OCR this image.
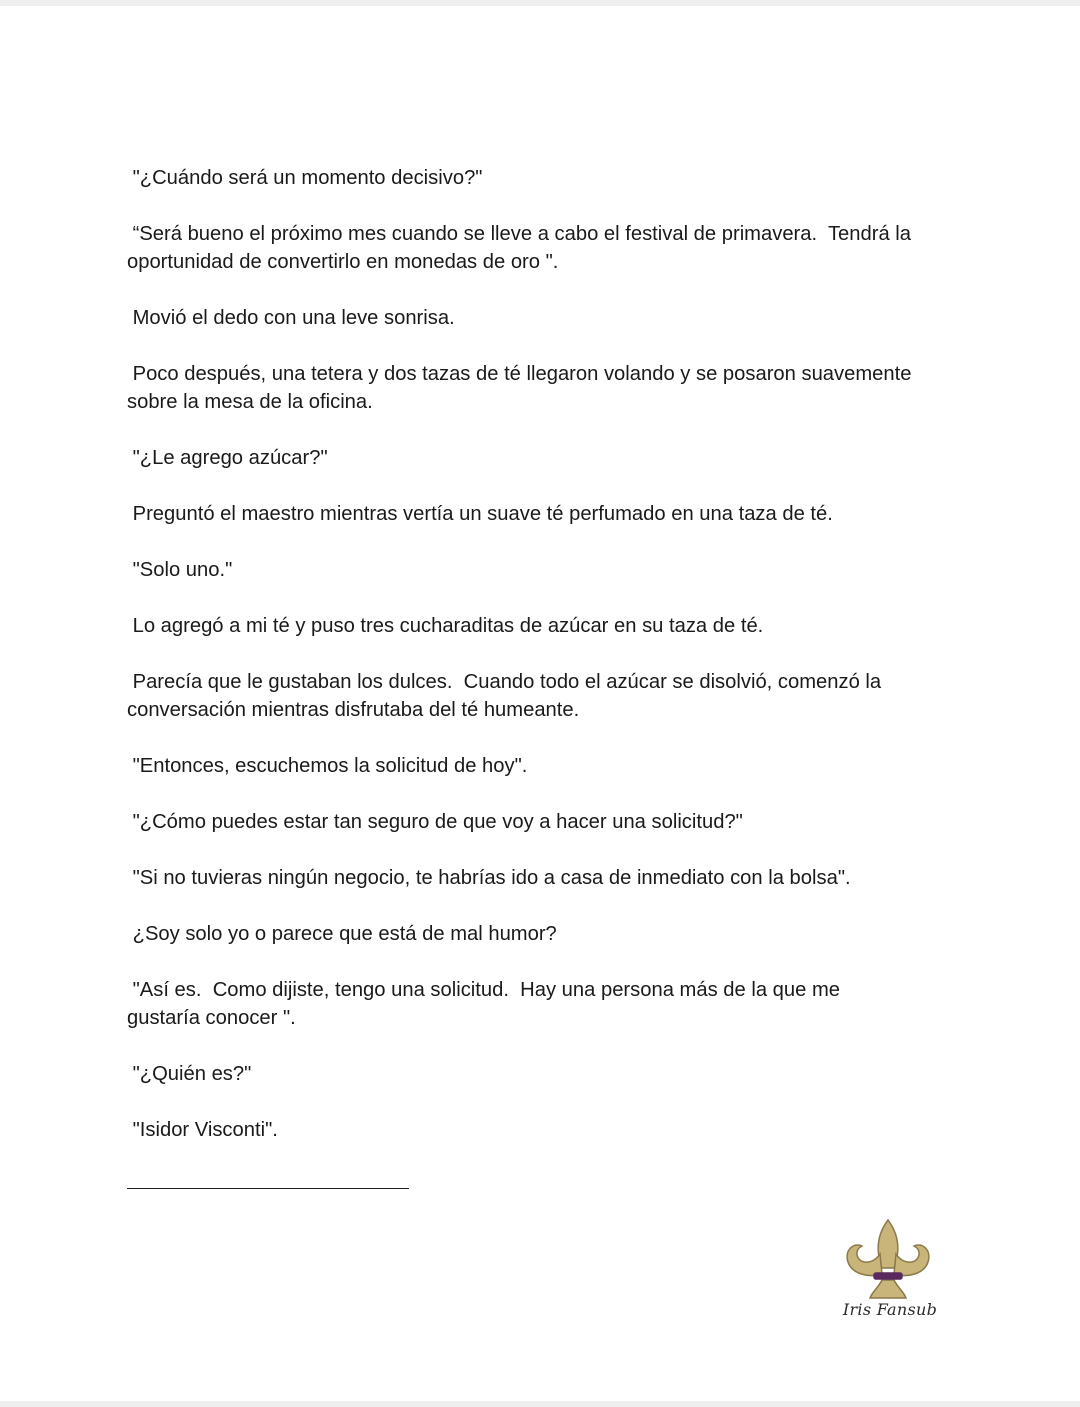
"¿Cuándo será un momento decisivo?"

“Será bueno el próximo mes cuando se lleve a cabo el festival de primavera.  Tendrá la
oportunidad de convertirlo en monedas de oro ".

Movió el dedo con una leve sonrisa.

Poco después, una tetera y dos tazas de té llegaron volando y se posaron suavemente
sobre la mesa de la oficina.

"¿Le agrego azúcar?"

Preguntó el maestro mientras vertía un suave té perfumado en una taza de té.

"Solo uno."

Lo agregó a mi té y puso tres cucharaditas de azúcar en su taza de té.

Parecía que le gustaban los dulces.  Cuando todo el azúcar se disolvió, comenzó la
conversación mientras disfrutaba del té humeante.

"Entonces, escuchemos la solicitud de hoy".

"¿Cómo puedes estar tan seguro de que voy a hacer una solicitud?"

"Si no tuvieras ningún negocio, te habrías ido a casa de inmediato con la bolsa".

¿Soy solo yo o parece que está de mal humor?

"Así es.  Como dijiste, tengo una solicitud.  Hay una persona más de la que me
gustaría conocer ".

"¿Quién es?"

"Isidor Visconti".

Iris Fansub
